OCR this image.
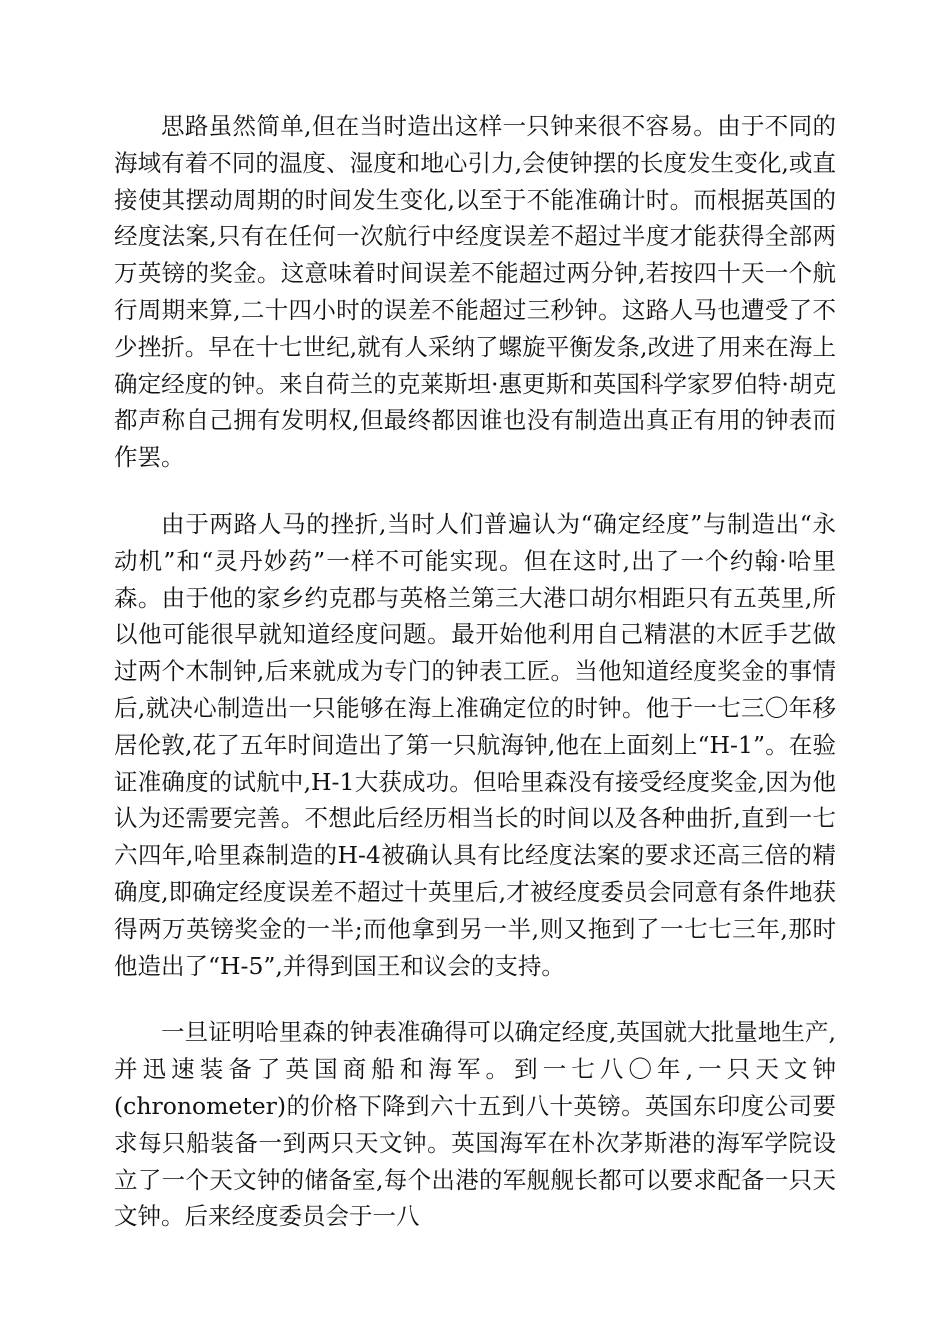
思路虽然简单,但在当时造出这样一只钟来很不容易。由于不同的海域有着不同的温度、湿度和地心引力,会使钟摆的长度发生变化,或直接使其摆动周期的时间发生变化,以至于不能准确计时。而根据英国的经度法案,只有在任何一次航行中经度误差不超过半度才能获得全部两万英镑的奖金。这意味着时间误差不能超过两分钟,若按四十天一个航行周期来算,二十四小时的误差不能超过三秒钟。这路人马也遭受了不少挫折。早在十七世纪,就有人采纳了螺旋平衡发条,改进了用来在海上确定经度的钟。来自荷兰的克莱斯坦·惠更斯和英国科学家罗伯特·胡克都声称自己拥有发明权,但最终都因谁也没有制造出真正有用的钟表而作罢。

由于两路人马的挫折,当时人们普遍认为“确定经度”与制造出“永动机”和“灵丹妙药”一样不可能实现。但在这时,出了一个约翰·哈里森。由于他的家乡约克郡与英格兰第三大港口胡尔相距只有五英里,所以他可能很早就知道经度问题。最开始他利用自己精湛的木匠手艺做过两个木制钟,后来就成为专门的钟表工匠。当他知道经度奖金的事情后,就决心制造出一只能够在海上准确定位的时钟。他于一七三〇年移居伦敦,花了五年时间造出了第一只航海钟,他在上面刻上“H-1”。在验证准确度的试航中,H-1大获成功。但哈里森没有接受经度奖金,因为他认为还需要完善。不想此后经历相当长的时间以及各种曲折,直到一七六四年,哈里森制造的H-4被确认具有比经度法案的要求还高三倍的精确度,即确定经度误差不超过十英里后,才被经度委员会同意有条件地获得两万英镑奖金的一半;而他拿到另一半,则又拖到了一七七三年,那时他造出了“H-5”,并得到国王和议会的支持。

一旦证明哈里森的钟表准确得可以确定经度,英国就大批量地生产,并迅速装备了英国商船和海军。到一七八〇年,一只天文钟(chronometer)的价格下降到六十五到八十英镑。英国东印度公司要求每只船装备一到两只天文钟。英国海军在朴次茅斯港的海军学院设立了一个天文钟的储备室,每个出港的军舰舰长都可以要求配备一只天文钟。后来经度委员会于一八
